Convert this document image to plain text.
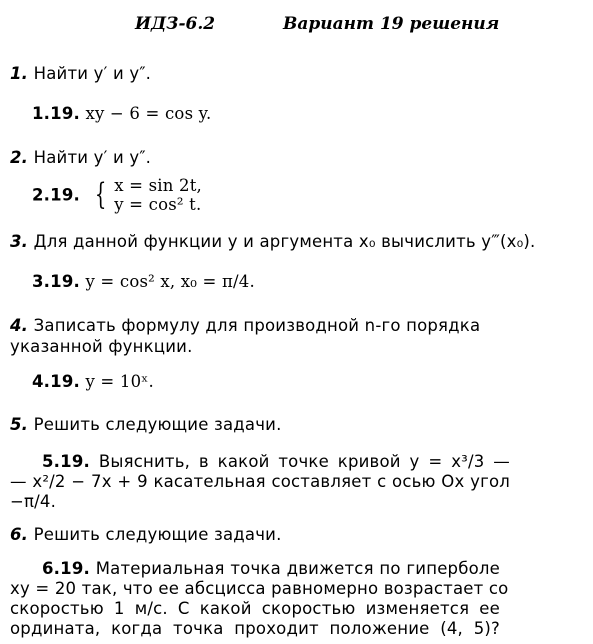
ИДЗ-6.2	Вариант 19 решения
1. Найти y′ и y″.
1.19. xy − 6 = cos y.
2. Найти y′ и y″.
2.19. { x = sin 2t,
y = cos² t.
3. Для данной функции y и аргумента x₀ вычислить y‴(x₀).
3.19. y = cos² x, x₀ = π/4.
4. Записать формулу для производной n-го порядка
указанной функции.
4.19. y = 10ˣ.
5. Решить следующие задачи.
5.19. Выяснить, в какой точке кривой y = x³/3 —
— x²/2 − 7x + 9 касательная составляет с осью Ox угол
−π/4.
6. Решить следующие задачи.
6.19. Материальная точка движется по гиперболе
xy = 20 так, что ее абсцисса равномерно возрастает со
скоростью 1 м/с. С какой скоростью изменяется ее
ордината, когда точка проходит положение (4, 5)?
